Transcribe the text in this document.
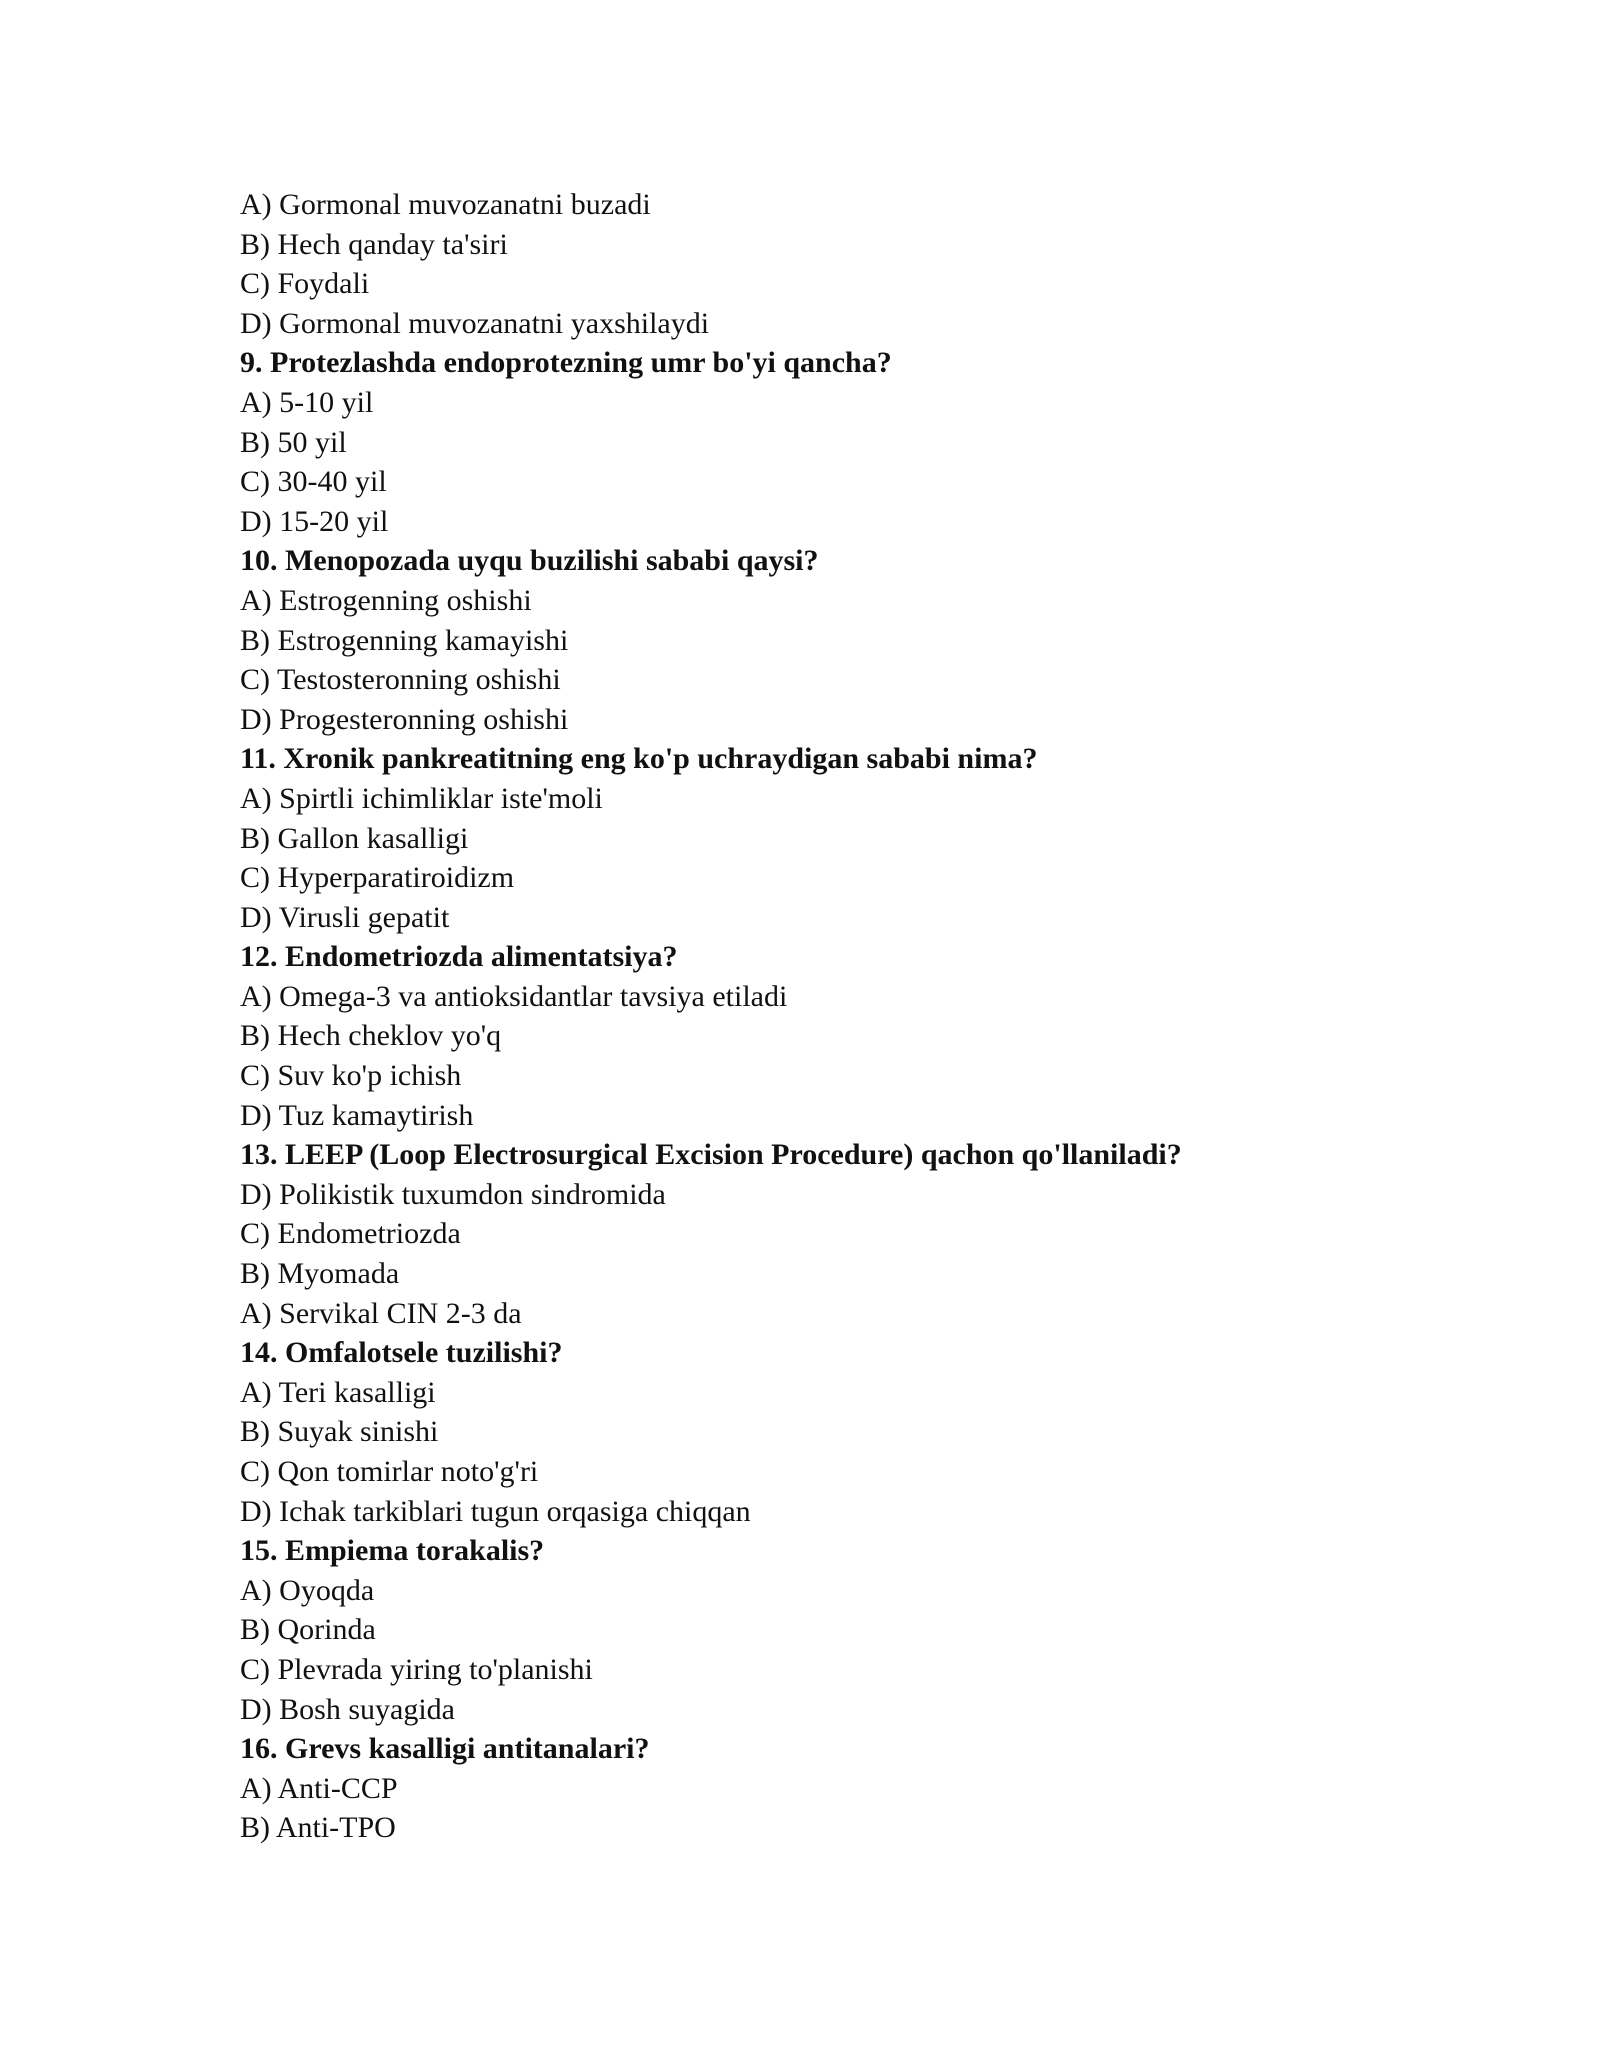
A) Gormonal muvozanatni buzadi
B) Hech qanday ta'siri
C) Foydali
D) Gormonal muvozanatni yaxshilaydi
9. Protezlashda endoprotezning umr bo'yi qancha?
A) 5-10 yil
B) 50 yil
C) 30-40 yil
D) 15-20 yil
10. Menopozada uyqu buzilishi sababi qaysi?
A) Estrogenning oshishi
B) Estrogenning kamayishi
C) Testosteronning oshishi
D) Progesteronning oshishi
11. Xronik pankreatitning eng ko'p uchraydigan sababi nima?
A) Spirtli ichimliklar iste'moli
B) Gallon kasalligi
C) Hyperparatiroidizm
D) Virusli gepatit
12. Endometriozda alimentatsiya?
A) Omega-3 va antioksidantlar tavsiya etiladi
B) Hech cheklov yo'q
C) Suv ko'p ichish
D) Tuz kamaytirish
13. LEEP (Loop Electrosurgical Excision Procedure) qachon qo'llaniladi?
D) Polikistik tuxumdon sindromida
C) Endometriozda
B) Myomada
A) Servikal CIN 2-3 da
14. Omfalotsele tuzilishi?
A) Teri kasalligi
B) Suyak sinishi
C) Qon tomirlar noto'g'ri
D) Ichak tarkiblari tugun orqasiga chiqqan
15. Empiema torakalis?
A) Oyoqda
B) Qorinda
C) Plevrada yiring to'planishi
D) Bosh suyagida
16. Grevs kasalligi antitanalari?
A) Anti-CCP
B) Anti-TPO
